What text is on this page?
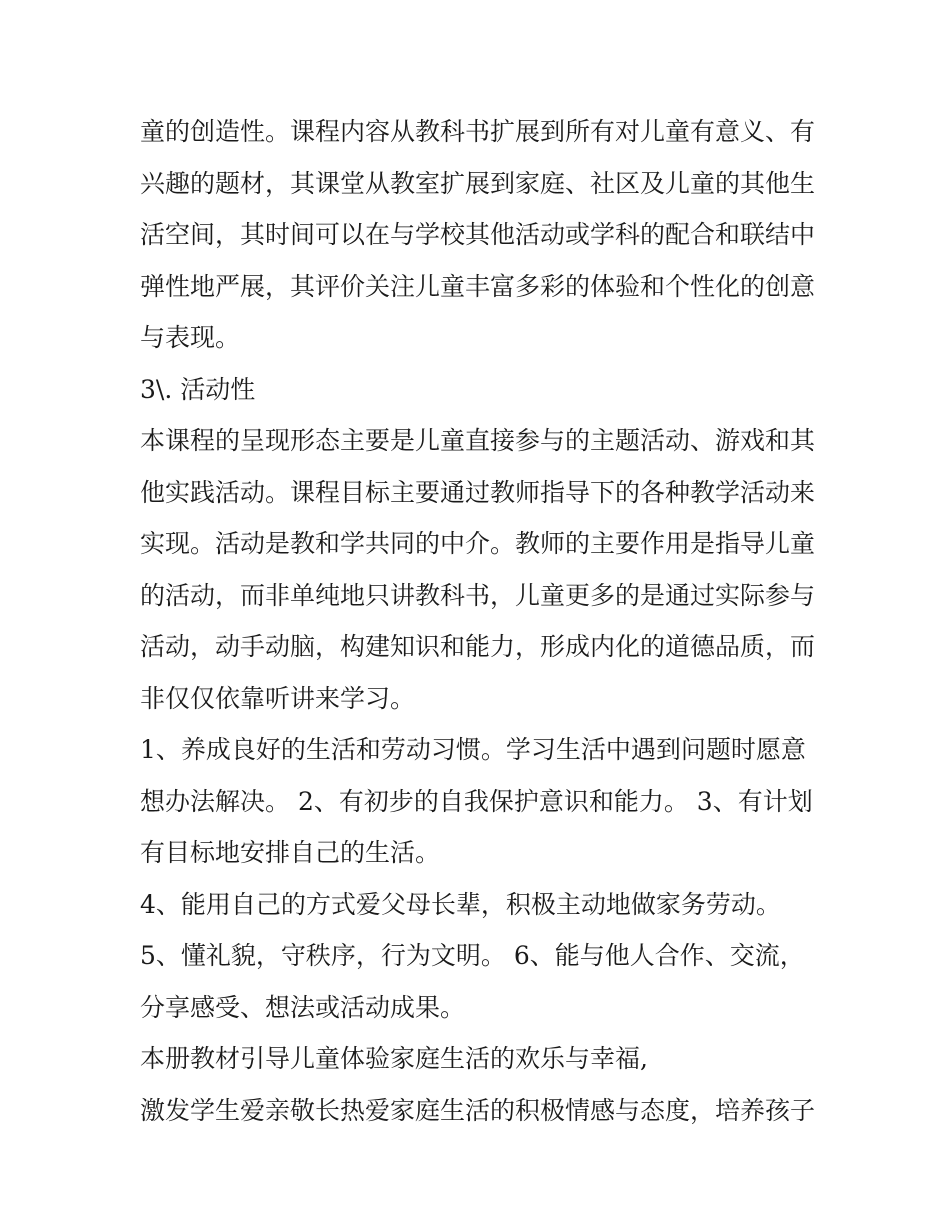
童的创造性。课程内容从教科书扩展到所有对儿童有意义、有
兴趣的题材，其课堂从教室扩展到家庭、社区及儿童的其他生
活空间，其时间可以在与学校其他活动或学科的配合和联结中
弹性地严展，其评价关注儿童丰富多彩的体验和个性化的创意
与表现。
3\. 活动性
本课程的呈现形态主要是儿童直接参与的主题活动、游戏和其
他实践活动。课程目标主要通过教师指导下的各种教学活动来
实现。活动是教和学共同的中介。教师的主要作用是指导儿童
的活动，而非单纯地只讲教科书，儿童更多的是通过实际参与
活动，动手动脑，构建知识和能力，形成内化的道德品质，而
非仅仅依靠听讲来学习。
1、养成良好的生活和劳动习惯。学习生活中遇到问题时愿意
想办法解决。 2、有初步的自我保护意识和能力。 3、有计划
有目标地安排自己的生活。
4、能用自己的方式爱父母长辈，积极主动地做家务劳动。
5、懂礼貌，守秩序，行为文明。 6、能与他人合作、交流，
分享感受、想法或活动成果。
本册教材引导儿童体验家庭生活的欢乐与幸福,
激发学生爱亲敬长热爱家庭生活的积极情感与态度，培养孩子
